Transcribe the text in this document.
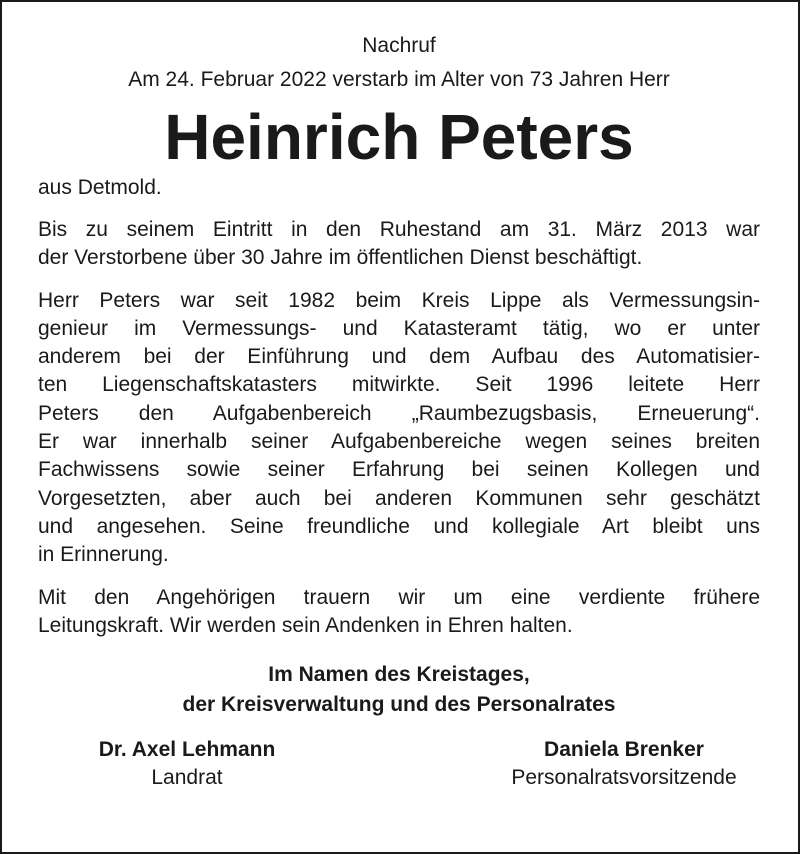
Nachruf

Am 24. Februar 2022 verstarb im Alter von 73 Jahren Herr

Heinrich Peters

aus Detmold.

Bis zu seinem Eintritt in den Ruhestand am 31. März 2013 war
der Verstorbene über 30 Jahre im öffentlichen Dienst beschäftigt.

Herr Peters war seit 1982 beim Kreis Lippe als Vermessungsin-
genieur im Vermessungs- und Katasteramt tätig, wo er unter
anderem bei der Einführung und dem Aufbau des Automatisier-
ten Liegenschaftskatasters mitwirkte. Seit 1996 leitete Herr
Peters den Aufgabenbereich „Raumbezugsbasis, Erneuerung“.
Er war innerhalb seiner Aufgabenbereiche wegen seines breiten
Fachwissens sowie seiner Erfahrung bei seinen Kollegen und
Vorgesetzten, aber auch bei anderen Kommunen sehr geschätzt
und angesehen. Seine freundliche und kollegiale Art bleibt uns
in Erinnerung.

Mit den Angehörigen trauern wir um eine verdiente frühere
Leitungskraft. Wir werden sein Andenken in Ehren halten.

Im Namen des Kreistages,
der Kreisverwaltung und des Personalrates

Dr. Axel Lehmann
Landrat
Daniela Brenker
Personalratsvorsitzende
